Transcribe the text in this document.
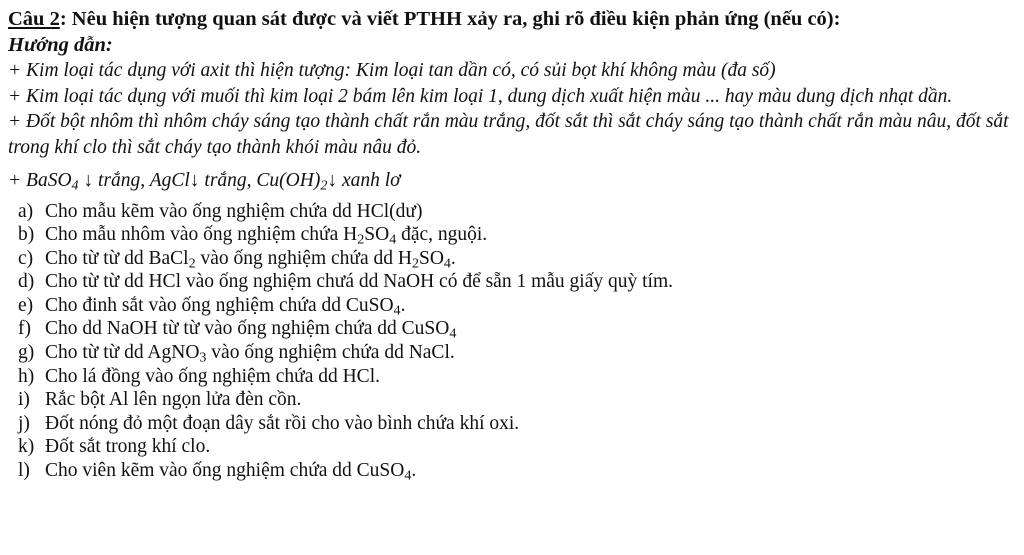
Câu 2: Nêu hiện tượng quan sát được và viết PTHH xảy ra, ghi rõ điều kiện phản ứng (nếu có):
Hướng dẫn:

+ Kim loại tác dụng với axit thì hiện tượng: Kim loại tan dần có, có sủi bọt khí không màu (đa số)

+ Kim loại tác dụng với muối thì kim loại 2 bám lên kim loại 1, dung dịch xuất hiện màu ... hay màu dung dịch nhạt dần.

+ Đốt bột nhôm thì nhôm cháy sáng tạo thành chất rắn màu trắng, đốt sắt thì sắt cháy sáng tạo thành chất rắn màu nâu, đốt sắt trong khí clo thì sắt cháy tạo thành khói màu nâu đỏ.

+ BaSO$_4$ ↓ trắng, AgCl↓ trắng, $Cu(OH)_2↓$ xanh lơ

a) Cho mẫu kẽm vào ống nghiệm chứa dd HCl(dư)
b) Cho mẫu nhôm vào ống nghiệm chứa $H_2SO_4$ đặc, nguội.
c) Cho từ từ dd BaCl$_2$ vào ống nghiệm chứa dd $H_2SO_4$.
d) Cho từ từ dd HCl vào ống nghiệm chưá dd NaOH có để sẵn 1 mẫu giấy quỳ tím.
e) Cho đinh sắt vào ống nghiệm chứa dd CuSO$_4$.
f) Cho dd NaOH từ từ vào ống nghiệm chứa dd CuSO$_4$
g) Cho từ từ dd AgNO$_3$ vào ống nghiệm chứa dd NaCl.
h) Cho lá đồng vào ống nghiệm chứa dd HCl.
i) Rắc bột Al lên ngọn lửa đèn cồn.
j) Đốt nóng đỏ một đoạn dây sắt rồi cho vào bình chứa khí oxi.
k) Đốt sắt trong khí clo.
l) Cho viên kẽm vào ống nghiệm chứa dd CuSO$_4$.
